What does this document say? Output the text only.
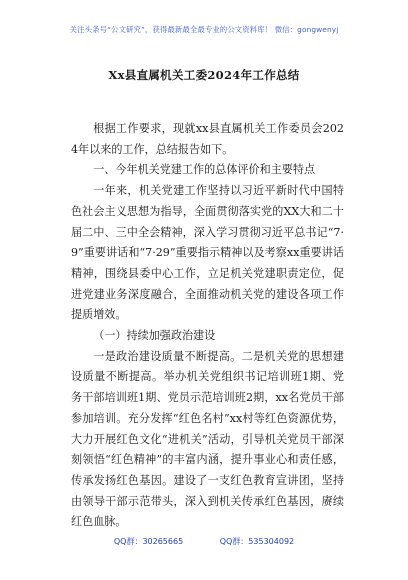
关注头条号“公文研究”，获得最新最全最专业的公文资料库！ 微信：gongwenyj
Xx县直属机关工委2024年工作总结

根据工作要求，现就xx县直属机关工作委员会2024年以来的工作，总结报告如下。

一、今年机关党建工作的总体评价和主要特点

一年来，机关党建工作坚持以习近平新时代中国特色社会主义思想为指导，全面贯彻落实党的XX大和二十届二中、三中全会精神，深入学习贯彻习近平总书记“7·9”重要讲话和“7·29”重要指示精神以及考察xx重要讲话精神，围绕县委中心工作，立足机关党建职责定位，促进党建业务深度融合，全面推动机关党的建设各项工作提质增效。

（一）持续加强政治建设

一是政治建设质量不断提高。二是机关党的思想建设质量不断提高。举办机关党组织书记培训班1期、党务干部培训班1期、党员示范培训班2期，xx名党员干部参加培训。充分发挥“红色名村”xx村等红色资源优势，大力开展红色文化“进机关”活动，引导机关党员干部深刻领悟“红色精神”的丰富内涵，提升事业心和责任感，传承发扬红色基因。建设了一支红色教育宣讲团，坚持由领导干部示范带头，深入到机关传承红色基因，赓续红色血脉。

QQ群：30265665	QQ群：535304092
